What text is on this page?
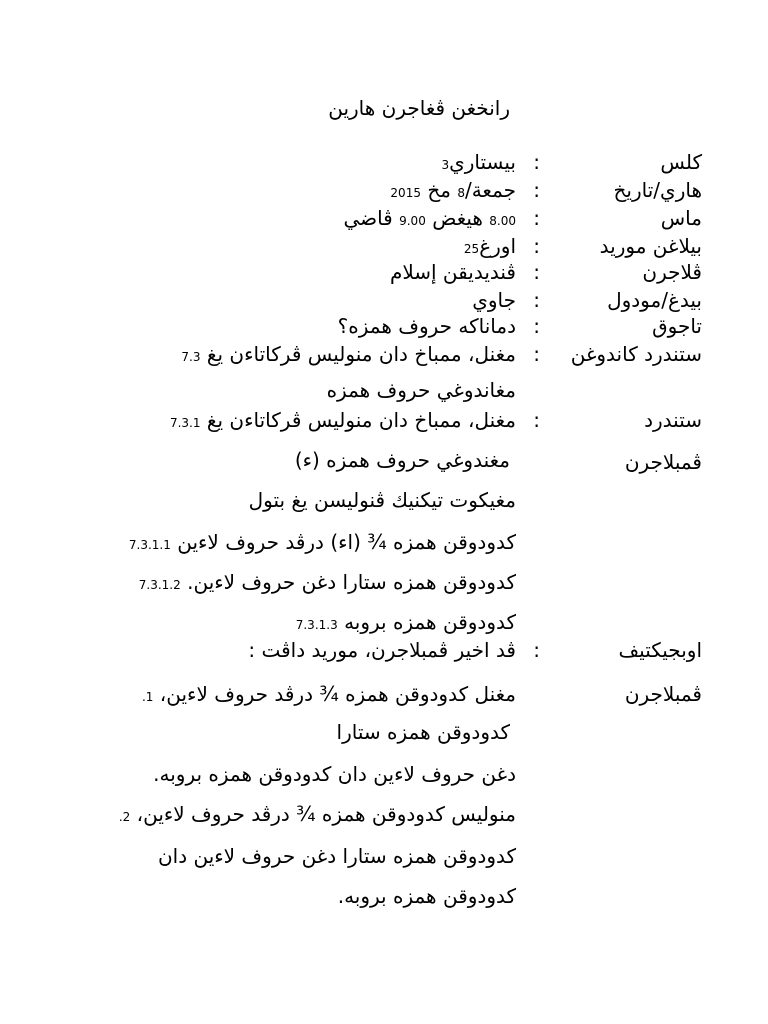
رانخغن ڤغاجرن هارين
كلس
:
بيستاري3
هاري/تاريخ
:
جمعة/8 مخ 2015
ماس
:
8.00 هيغض 9.00 ڤاضي
بيلاغن موريد
:
اورغ25
ڤلاجرن
:
ڤنديديقن إسلام
بيدغ/مودول
:
جاوي
تاجوق
:
دماناكه حروف همزه؟
ستندرد كاندوغن
:
مغنل، ممباخ دان منوليس ڤركاتاءن يغ 7.3
مغاندوغي حروف همزه
ستندرد
:
مغنل، ممباخ دان منوليس ڤركاتاءن يغ 7.3.1
ڤمبلاجرن
مغندوغي حروف همزه (ء)
مغيكوت تيكنيك ڤنوليسن يغ بتول
كدودوقن همزه ¾ (اء) درڤد حروف لاءين 7.3.1.1
كدودوقن همزه ستارا دغن حروف لاءين. 7.3.1.2
كدودوقن همزه بروبه 7.3.1.3
اوبجيكتيف
:
ڤد اخير ڤمبلاجرن، موريد داڤت :
ڤمبلاجرن
مغنل كدودوقن همزه ¾ درڤد حروف لاءين، 1.
كدودوقن همزه ستارا
دغن حروف لاءين دان كدودوقن همزه بروبه.
منوليس كدودوقن همزه ¾ درڤد حروف لاءين، 2.
كدودوقن همزه ستارا دغن حروف لاءين دان
كدودوقن همزه بروبه.
